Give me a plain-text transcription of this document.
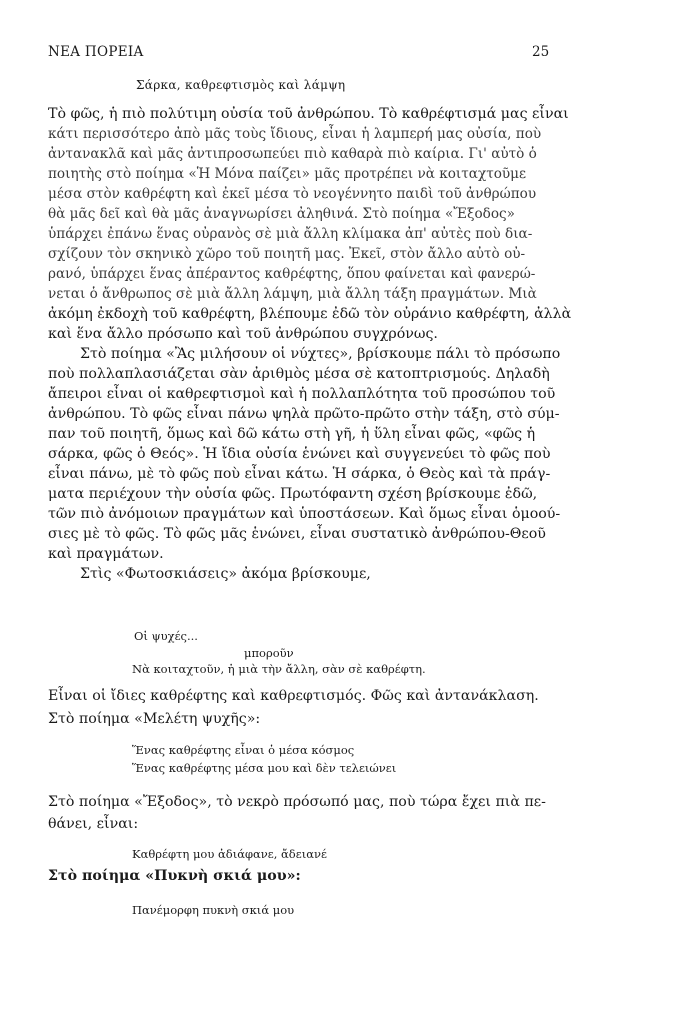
ΝΕΑ ΠΟΡΕΙΑ	25
Σάρκα, καθρεφτισμὸς καὶ λάμψη
Τὸ φῶς, ἡ πιὸ πολύτιμη οὐσία τοῦ ἀνθρώπου. Τὸ καθρέφτισμά μας εἶναι
κάτι περισσότερο ἀπὸ μᾶς τοὺς ἴδιους, εἶναι ἡ λαμπερή μας οὐσία, ποὺ
ἀντανακλᾶ καὶ μᾶς ἀντιπροσωπεύει πιὸ καθαρὰ πιὸ καίρια. Γι' αὐτὸ ὁ
ποιητὴς στὸ ποίημα «Ἡ Μόνα παίζει» μᾶς προτρέπει νὰ κοιταχτοῦμε
μέσα στὸν καθρέφτη καὶ ἐκεῖ μέσα τὸ νεογέννητο παιδὶ τοῦ ἀνθρώπου
θὰ μᾶς δεῖ καὶ θὰ μᾶς ἀναγνωρίσει ἀληθινά. Στὸ ποίημα «Ἔξοδος»
ὑπάρχει ἐπάνω ἕνας οὐρανὸς σὲ μιὰ ἄλλη κλίμακα ἀπ' αὐτὲς ποὺ δια-
σχίζουν τὸν σκηνικὸ χῶρο τοῦ ποιητῆ μας. Ἐκεῖ, στὸν ἄλλο αὐτὸ οὐ-
ρανό, ὑπάρχει ἕνας ἀπέραντος καθρέφτης, ὅπου φαίνεται καὶ φανερώ-
νεται ὁ ἄνθρωπος σὲ μιὰ ἄλλη λάμψη, μιὰ ἄλλη τάξη πραγμάτων. Μιὰ
ἀκόμη ἐκδοχὴ τοῦ καθρέφτη, βλέπουμε ἐδῶ τὸν οὐράνιο καθρέφτη, ἀλλὰ
καὶ ἕνα ἄλλο πρόσωπο καὶ τοῦ ἀνθρώπου συγχρόνως.
Στὸ ποίημα «Ἂς μιλήσουν οἱ νύχτες», βρίσκουμε πάλι τὸ πρόσωπο
ποὺ πολλαπλασιάζεται σὰν ἀριθμὸς μέσα σὲ κατοπτρισμούς. Δηλαδὴ
ἄπειροι εἶναι οἱ καθρεφτισμοὶ καὶ ἡ πολλαπλότητα τοῦ προσώπου τοῦ
ἀνθρώπου. Τὸ φῶς εἶναι πάνω ψηλὰ πρῶτο-πρῶτο στὴν τάξη, στὸ σύμ-
παν τοῦ ποιητῆ, ὅμως καὶ δῶ κάτω στὴ γῆ, ἡ ὕλη εἶναι φῶς, «φῶς ἡ
σάρκα, φῶς ὁ Θεός». Ἡ ἴδια οὐσία ἑνώνει καὶ συγγενεύει τὸ φῶς ποὺ
εἶναι πάνω, μὲ τὸ φῶς ποὺ εἶναι κάτω. Ἡ σάρκα, ὁ Θεὸς καὶ τὰ πράγ-
ματα περιέχουν τὴν οὐσία φῶς. Πρωτόφαντη σχέση βρίσκουμε ἐδῶ,
τῶν πιὸ ἀνόμοιων πραγμάτων καὶ ὑποστάσεων. Καὶ ὅμως εἶναι ὁμοού-
σιες μὲ τὸ φῶς. Τὸ φῶς μᾶς ἑνώνει, εἶναι συστατικὸ ἀνθρώπου-Θεοῦ
καὶ πραγμάτων.
Στὶς «Φωτοσκιάσεις» ἀκόμα βρίσκουμε,
Οἱ ψυχές...
μποροῦν
Νὰ κοιταχτοῦν, ἡ μιὰ τὴν ἄλλη, σὰν σὲ καθρέφτη.
Εἶναι οἱ ἴδιες καθρέφτης καὶ καθρεφτισμός. Φῶς καὶ ἀντανάκλαση.
Στὸ ποίημα «Μελέτη ψυχῆς»:
Ἕνας καθρέφτης εἶναι ὁ μέσα κόσμος
Ἕνας καθρέφτης μέσα μου καὶ δὲν τελειώνει
Στὸ ποίημα «Ἔξοδος», τὸ νεκρὸ πρόσωπό μας, ποὺ τώρα ἔχει πιὰ πε-
θάνει, εἶναι:
Καθρέφτη μου ἀδιάφανε, ἄδειανέ
Στὸ ποίημα «Πυκνὴ σκιά μου»:
Πανέμορφη πυκνὴ σκιά μου
